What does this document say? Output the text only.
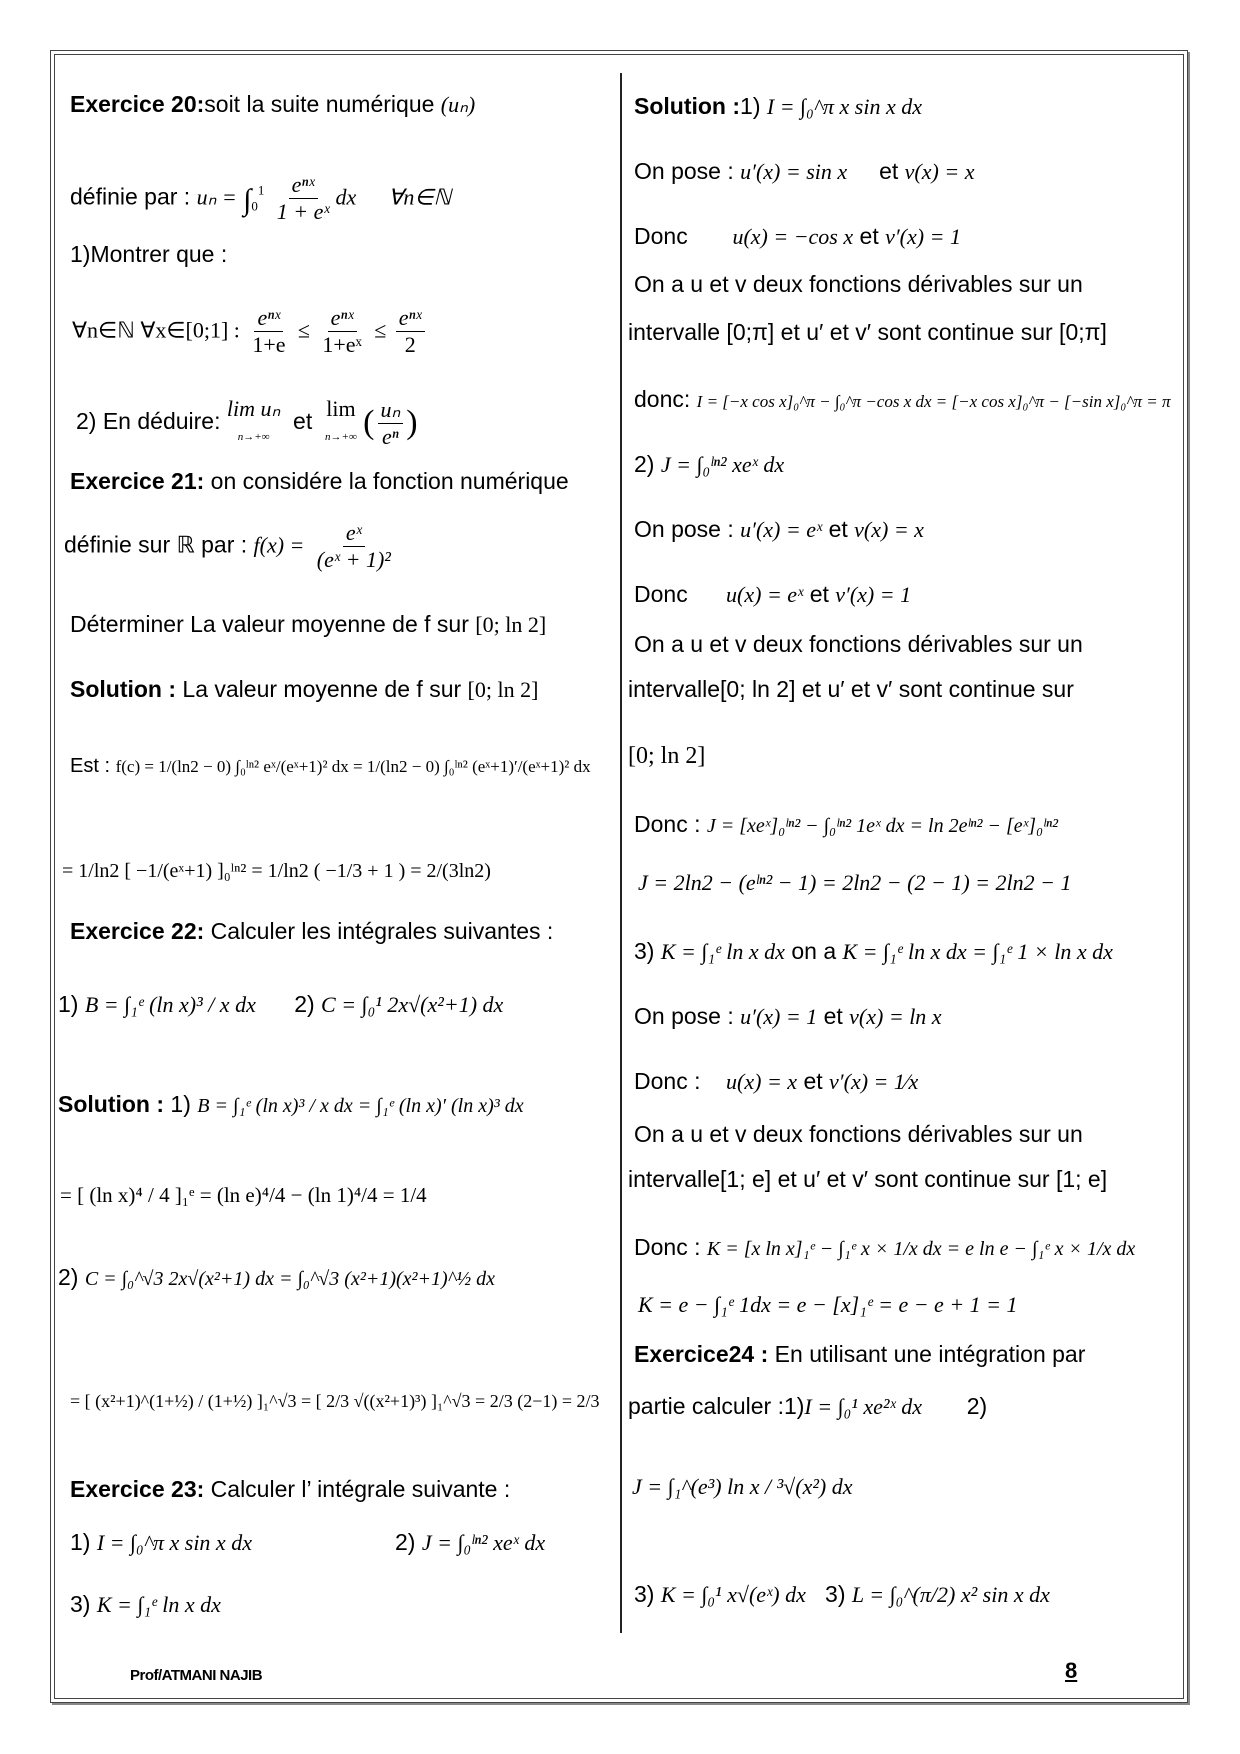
Exercice 20:soit la suite numérique (uₙ)
définie par : $u_n = \int_0^1 \frac{\text{eⁿˣ}}{\text{1 + eˣ}}$ dx ∀n∈ℕ
1)Montrer que :
∀n∈ℕ ∀x∈[0;1] : $\frac{\text{eⁿˣ}}{1+e} \le \frac{\text{eⁿˣ}}{\text{1+eˣ}} \le \frac{\text{eⁿˣ}}{2}$
2) En déduire: lim uₙ
n→+∞
et lim
n→+∞ ( $\frac{\text{uₙ}}{\text{eⁿ}}$ )
Exercice 21: on considére la fonction numérique
définie sur ℝ par : $f(x) = \frac{\text{eˣ}}{\text{(eˣ + 1)²}}$
Déterminer La valeur moyenne de f sur [0; ln 2]
Solution : La valeur moyenne de f sur [0; ln 2]
Est : f(c) = 1/(ln2 − 0) ∫₀ˡⁿ² eˣ/(eˣ+1)² dx = 1/(ln2 − 0) ∫₀ˡⁿ² (eˣ+1)′/(eˣ+1)² dx
= 1/ln2 [ −1/(eˣ+1) ]₀ˡⁿ² = 1/ln2 ( −1/3 + 1 ) = 2/(3ln2)
Exercice 22: Calculer les intégrales suivantes :
1) B = ∫₁ᵉ (ln x)³ / x dx 2) C = ∫₀¹ 2x√(x²+1) dx
Solution : 1) B = ∫₁ᵉ (ln x)³ / x dx = ∫₁ᵉ (ln x)′ (ln x)³ dx
= [ (ln x)⁴ / 4 ]₁ᵉ = (ln e)⁴/4 − (ln 1)⁴/4 = 1/4
2) C = ∫₀^√3 2x√(x²+1) dx = ∫₀^√3 (x²+1)(x²+1)^½ dx
= [ (x²+1)^(1+½) / (1+½) ]₁^√3 = [ 2/3 √((x²+1)³) ]₁^√3 = 2/3 (2−1) = 2/3
Exercice 23: Calculer l’ intégrale suivante :
1) I = ∫₀^π x sin x dx	2) J = ∫₀ˡⁿ² xeˣ dx
3) K = ∫₁ᵉ ln x dx
Solution :1) I = ∫₀^π x sin x dx
On pose : u′(x) = sin x et v(x) = x
Donc u(x) = −cos x et v′(x) = 1
On a u et v deux fonctions dérivables sur un
intervalle [0;π] et u′ et v′ sont continue sur [0;π]
donc: I = [−x cos x]₀^π − ∫₀^π −cos x dx = [−x cos x]₀^π − [−sin x]₀^π = π
2) J = ∫₀ˡⁿ² xeˣ dx
On pose : u′(x) = eˣ et v(x) = x
Donc u(x) = eˣ et v′(x) = 1
On a u et v deux fonctions dérivables sur un
intervalle[0; ln 2] et u′ et v′ sont continue sur
[0; ln 2]
Donc : J = [xeˣ]₀ˡⁿ² − ∫₀ˡⁿ² 1eˣ dx = ln 2eˡⁿ² − [eˣ]₀ˡⁿ²
J = 2ln2 − (eˡⁿ² − 1) = 2ln2 − (2 − 1) = 2ln2 − 1
3) K = ∫₁ᵉ ln x dx on a K = ∫₁ᵉ ln x dx = ∫₁ᵉ 1 × ln x dx
On pose : u′(x) = 1 et v(x) = ln x
Donc : u(x) = x et v′(x) = 1⁄x
On a u et v deux fonctions dérivables sur un
intervalle[1; e] et u′ et v′ sont continue sur [1; e]
Donc : K = [x ln x]₁ᵉ − ∫₁ᵉ x × 1/x dx = e ln e − ∫₁ᵉ x × 1/x dx
K = e − ∫₁ᵉ 1dx = e − [x]₁ᵉ = e − e + 1 = 1
Exercice24 : En utilisant une intégration par
partie calculer :1)I = ∫₀¹ xe²ˣ dx 2)
J = ∫₁^(e³) ln x / ³√(x²) dx
3) K = ∫₀¹ x√(eˣ) dx 3) L = ∫₀^(π/2) x² sin x dx
Prof/ATMANI NAJIB	8
